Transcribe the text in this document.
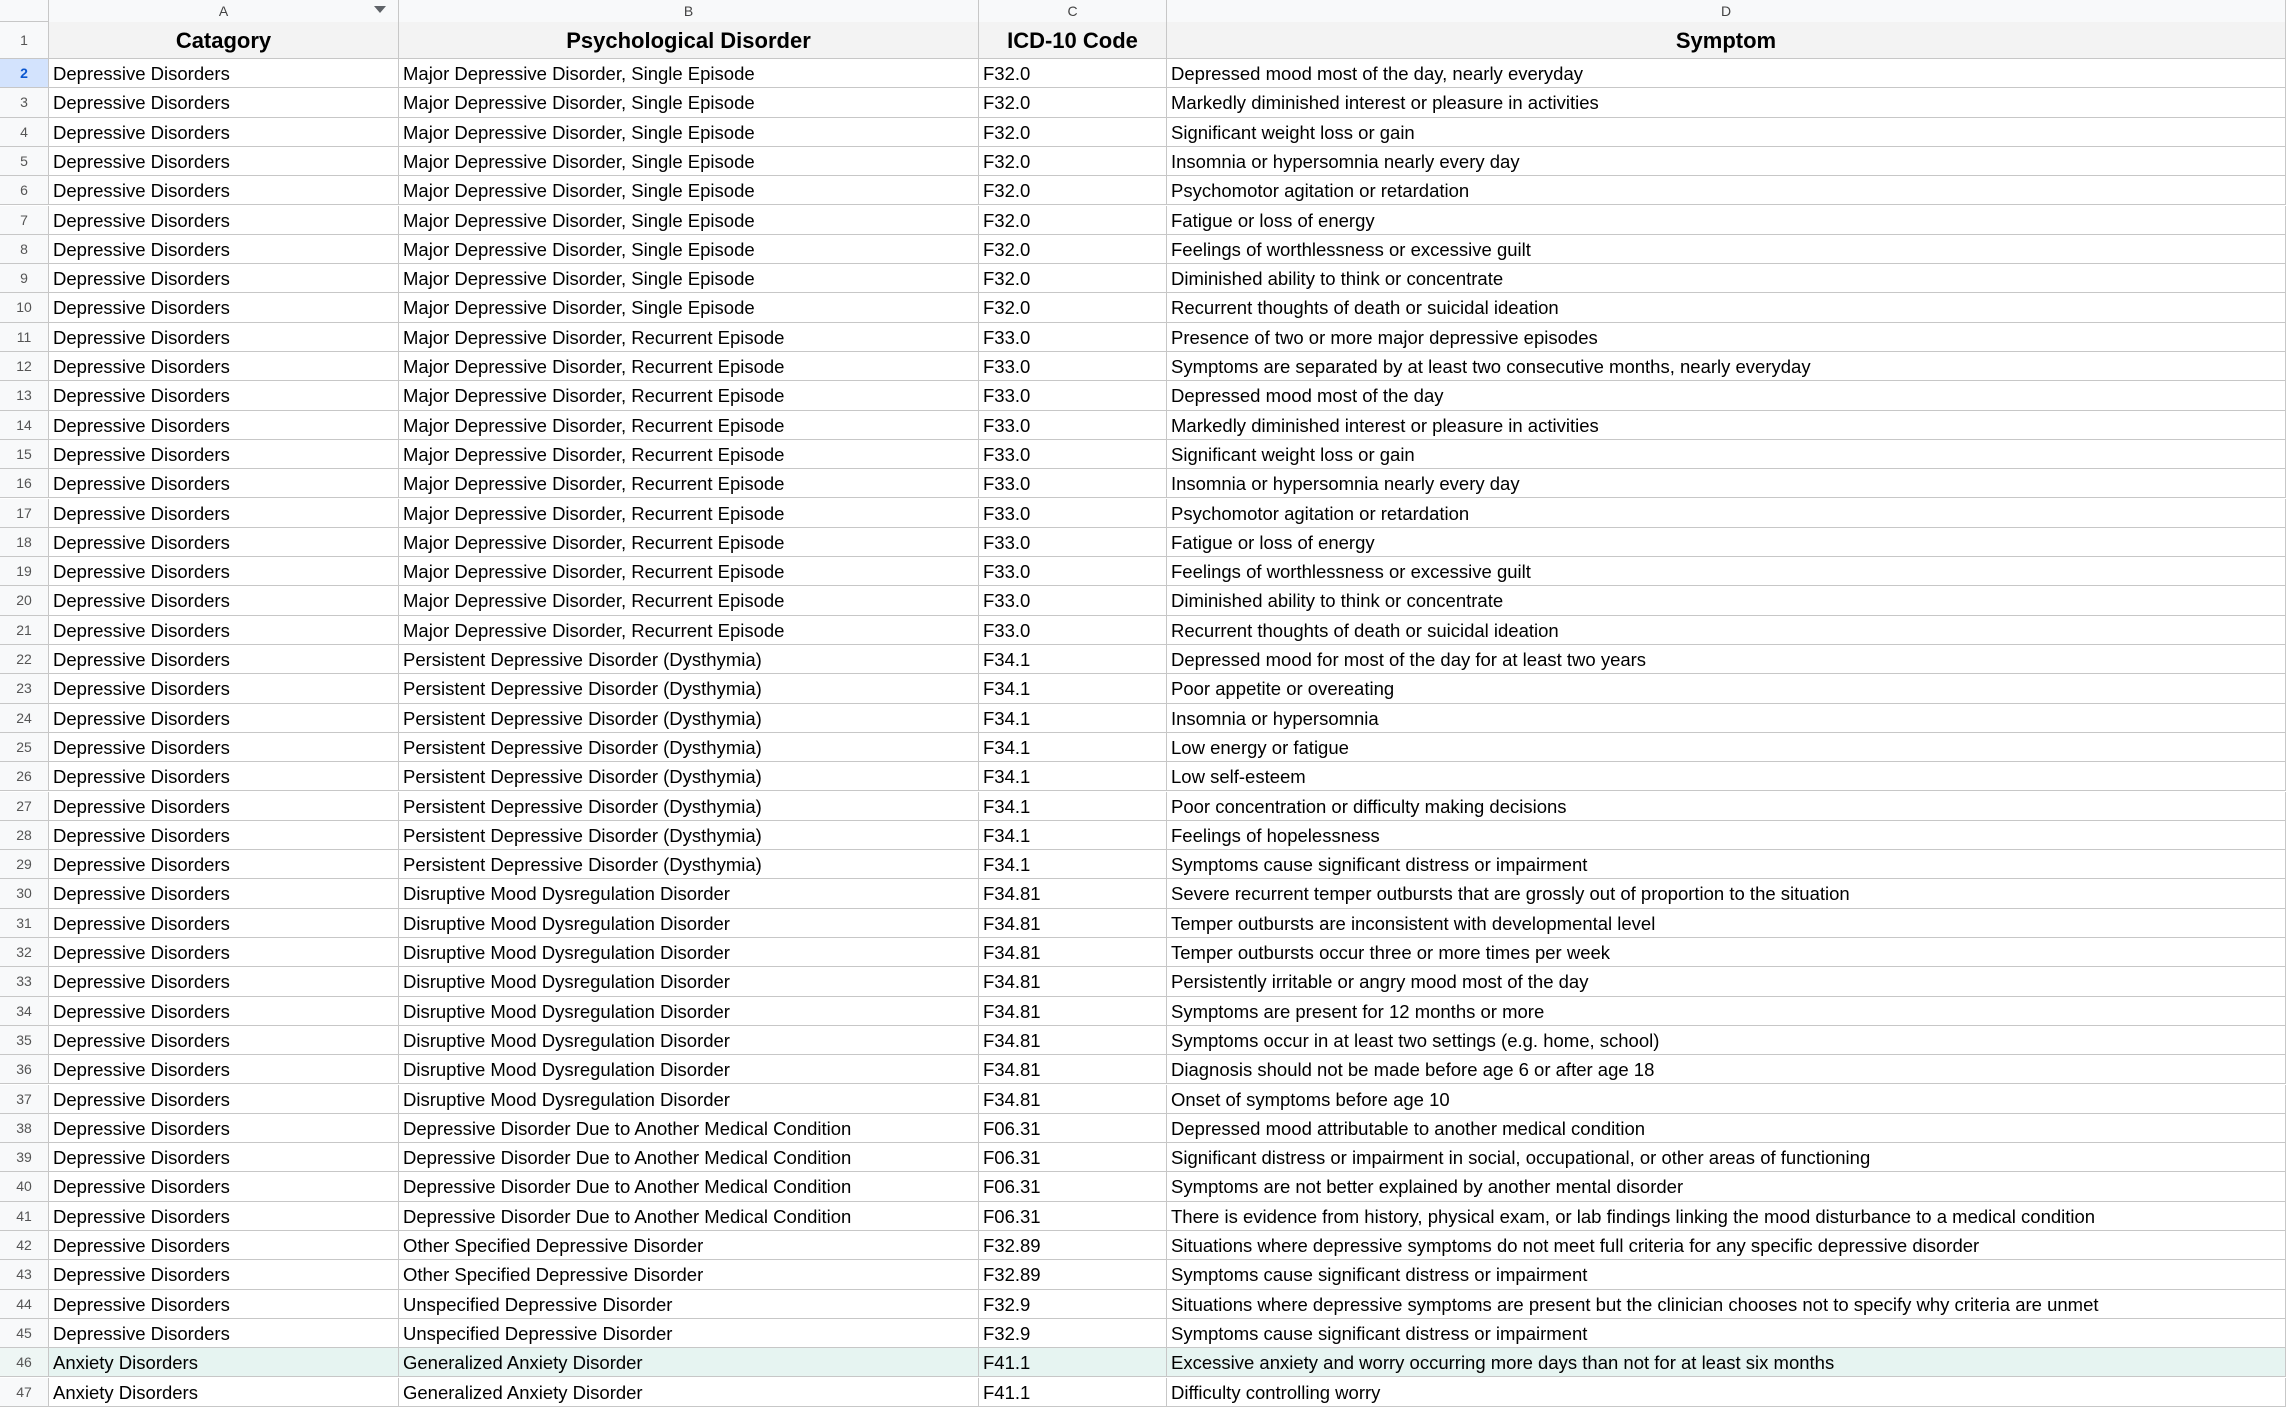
A	B	C	D
1	Catagory	Psychological Disorder	ICD-10 Code	Symptom
2	Depressive Disorders	Major Depressive Disorder, Single Episode	F32.0	Depressed mood most of the day, nearly everyday
3	Depressive Disorders	Major Depressive Disorder, Single Episode	F32.0	Markedly diminished interest or pleasure in activities
4	Depressive Disorders	Major Depressive Disorder, Single Episode	F32.0	Significant weight loss or gain
5	Depressive Disorders	Major Depressive Disorder, Single Episode	F32.0	Insomnia or hypersomnia nearly every day
6	Depressive Disorders	Major Depressive Disorder, Single Episode	F32.0	Psychomotor agitation or retardation
7	Depressive Disorders	Major Depressive Disorder, Single Episode	F32.0	Fatigue or loss of energy
8	Depressive Disorders	Major Depressive Disorder, Single Episode	F32.0	Feelings of worthlessness or excessive guilt
9	Depressive Disorders	Major Depressive Disorder, Single Episode	F32.0	Diminished ability to think or concentrate
10	Depressive Disorders	Major Depressive Disorder, Single Episode	F32.0	Recurrent thoughts of death or suicidal ideation
11	Depressive Disorders	Major Depressive Disorder, Recurrent Episode	F33.0	Presence of two or more major depressive episodes
12	Depressive Disorders	Major Depressive Disorder, Recurrent Episode	F33.0	Symptoms are separated by at least two consecutive months, nearly everyday
13	Depressive Disorders	Major Depressive Disorder, Recurrent Episode	F33.0	Depressed mood most of the day
14	Depressive Disorders	Major Depressive Disorder, Recurrent Episode	F33.0	Markedly diminished interest or pleasure in activities
15	Depressive Disorders	Major Depressive Disorder, Recurrent Episode	F33.0	Significant weight loss or gain
16	Depressive Disorders	Major Depressive Disorder, Recurrent Episode	F33.0	Insomnia or hypersomnia nearly every day
17	Depressive Disorders	Major Depressive Disorder, Recurrent Episode	F33.0	Psychomotor agitation or retardation
18	Depressive Disorders	Major Depressive Disorder, Recurrent Episode	F33.0	Fatigue or loss of energy
19	Depressive Disorders	Major Depressive Disorder, Recurrent Episode	F33.0	Feelings of worthlessness or excessive guilt
20	Depressive Disorders	Major Depressive Disorder, Recurrent Episode	F33.0	Diminished ability to think or concentrate
21	Depressive Disorders	Major Depressive Disorder, Recurrent Episode	F33.0	Recurrent thoughts of death or suicidal ideation
22	Depressive Disorders	Persistent Depressive Disorder (Dysthymia)	F34.1	Depressed mood for most of the day for at least two years
23	Depressive Disorders	Persistent Depressive Disorder (Dysthymia)	F34.1	Poor appetite or overeating
24	Depressive Disorders	Persistent Depressive Disorder (Dysthymia)	F34.1	Insomnia or hypersomnia
25	Depressive Disorders	Persistent Depressive Disorder (Dysthymia)	F34.1	Low energy or fatigue
26	Depressive Disorders	Persistent Depressive Disorder (Dysthymia)	F34.1	Low self-esteem
27	Depressive Disorders	Persistent Depressive Disorder (Dysthymia)	F34.1	Poor concentration or difficulty making decisions
28	Depressive Disorders	Persistent Depressive Disorder (Dysthymia)	F34.1	Feelings of hopelessness
29	Depressive Disorders	Persistent Depressive Disorder (Dysthymia)	F34.1	Symptoms cause significant distress or impairment
30	Depressive Disorders	Disruptive Mood Dysregulation Disorder	F34.81	Severe recurrent temper outbursts that are grossly out of proportion to the situation
31	Depressive Disorders	Disruptive Mood Dysregulation Disorder	F34.81	Temper outbursts are inconsistent with developmental level
32	Depressive Disorders	Disruptive Mood Dysregulation Disorder	F34.81	Temper outbursts occur three or more times per week
33	Depressive Disorders	Disruptive Mood Dysregulation Disorder	F34.81	Persistently irritable or angry mood most of the day
34	Depressive Disorders	Disruptive Mood Dysregulation Disorder	F34.81	Symptoms are present for 12 months or more
35	Depressive Disorders	Disruptive Mood Dysregulation Disorder	F34.81	Symptoms occur in at least two settings (e.g. home, school)
36	Depressive Disorders	Disruptive Mood Dysregulation Disorder	F34.81	Diagnosis should not be made before age 6 or after age 18
37	Depressive Disorders	Disruptive Mood Dysregulation Disorder	F34.81	Onset of symptoms before age 10
38	Depressive Disorders	Depressive Disorder Due to Another Medical Condition	F06.31	Depressed mood attributable to another medical condition
39	Depressive Disorders	Depressive Disorder Due to Another Medical Condition	F06.31	Significant distress or impairment in social, occupational, or other areas of functioning
40	Depressive Disorders	Depressive Disorder Due to Another Medical Condition	F06.31	Symptoms are not better explained by another mental disorder
41	Depressive Disorders	Depressive Disorder Due to Another Medical Condition	F06.31	There is evidence from history, physical exam, or lab findings linking the mood disturbance to a medical condition
42	Depressive Disorders	Other Specified Depressive Disorder	F32.89	Situations where depressive symptoms do not meet full criteria for any specific depressive disorder
43	Depressive Disorders	Other Specified Depressive Disorder	F32.89	Symptoms cause significant distress or impairment
44	Depressive Disorders	Unspecified Depressive Disorder	F32.9	Situations where depressive symptoms are present but the clinician chooses not to specify why criteria are unmet
45	Depressive Disorders	Unspecified Depressive Disorder	F32.9	Symptoms cause significant distress or impairment
46	Anxiety Disorders	Generalized Anxiety Disorder	F41.1	Excessive anxiety and worry occurring more days than not for at least six months
47	Anxiety Disorders	Generalized Anxiety Disorder	F41.1	Difficulty controlling worry
